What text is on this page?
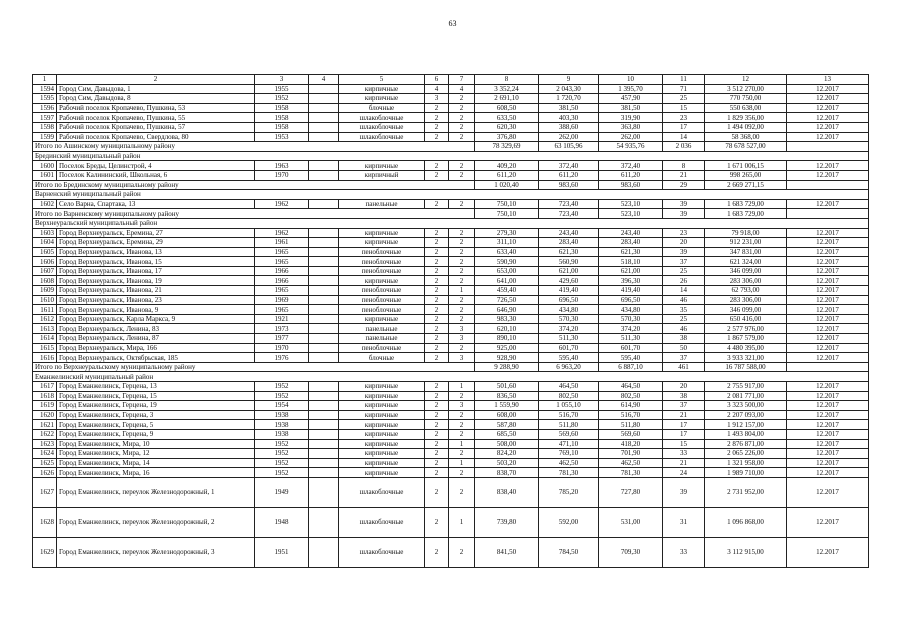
63
1	2	3	4	5	6	7	8	9	10	11	12	13
1594	Город Сим, Давыдова, 1	1955		кирпичные	4	4	3 352,24	2 043,30	1 395,70	71	3 512 270,00	12.2017
1595	Город Сим, Давыдова, 8	1952		кирпичные	3	2	2 691,10	1 720,70	457,90	25	770 750,00	12.2017
1596	Рабочий поселок Кропачево, Пушкина, 53	1958		блочные	2	2	608,50	381,50	381,50	15	550 638,00	12.2017
1597	Рабочий поселок Кропачево, Пушкина, 55	1958		шлакоблочные	2	2	633,50	403,30	319,90	23	1 829 356,00	12.2017
1598	Рабочий поселок Кропачево, Пушкина, 57	1958		шлакоблочные	2	2	620,30	388,60	363,80	17	1 494 092,00	12.2017
1599	Рабочий поселок Кропачево, Свердлова, 80	1953		шлакоблочные	2	2	376,80	262,00	262,00	14	58 368,00	12.2017
Итого по Ашинскому муниципальному району							78 329,69	63 105,96	54 935,76	2 036	78 678 527,00	
Брединский муниципальный район												
1600	Поселок Бреды, Целинстрой, 4	1963		кирпичные	2	2	409,20	372,40	372,40	8	1 671 006,15	12.2017
1601	Поселок Калининский, Школьная, 6	1970		кирпичный	2	2	611,20	611,20	611,20	21	998 265,00	12.2017
Итого по Брединскому муниципальному району							1 020,40	983,60	983,60	29	2 669 271,15	
Варненский муниципальный район												
1602	Село Варна, Спартака, 13	1962		панельные	2	2	750,10	723,40	523,10	39	1 683 729,00	12.2017
Итого по Варненскому муниципальному району							750,10	723,40	523,10	39	1 683 729,00	
Верхнеуральский муниципальный район												
1603	Город Верхнеуральск, Еремина, 27	1962		кирпичные	2	2	279,30	243,40	243,40	23	79 918,00	12.2017
1604	Город Верхнеуральск, Еремина, 29	1961		кирпичные	2	2	311,10	283,40	283,40	20	912 231,00	12.2017
1605	Город Верхнеуральск, Иванова, 13	1965		пеноблочные	2	2	633,40	621,30	621,30	39	347 831,00	12.2017
1606	Город Верхнеуральск, Иванова, 15	1965		пеноблочные	2	2	590,90	560,90	518,10	37	621 324,00	12.2017
1607	Город Верхнеуральск, Иванова, 17	1966		пеноблочные	2	2	653,00	621,00	621,00	25	346 099,00	12.2017
1608	Город Верхнеуральск, Иванова, 19	1966		кирпичные	2	2	641,00	429,60	396,30	26	283 306,00	12.2017
1609	Город Верхнеуральск, Иванова, 21	1965		пеноблочные	2	1	459,40	419,40	419,40	14	62 793,00	12.2017
1610	Город Верхнеуральск, Иванова, 23	1969		пеноблочные	2	2	726,50	696,50	696,50	46	283 306,00	12.2017
1611	Город Верхнеуральск, Иванова, 9	1965		пеноблочные	2	2	646,90	434,80	434,80	35	346 099,00	12.2017
1612	Город Верхнеуральск, Карла Маркса, 9	1921		кирпичные	2	2	983,30	570,30	570,30	25	650 416,00	12.2017
1613	Город Верхнеуральск, Ленина, 83	1973		панельные	2	3	620,10	374,20	374,20	46	2 577 976,00	12.2017
1614	Город Верхнеуральск, Ленина, 87	1977		панельные	2	3	890,10	511,30	511,30	38	1 867 579,00	12.2017
1615	Город Верхнеуральск, Мира, 166	1970		пеноблочные	2	2	925,00	601,70	601,70	50	4 480 395,00	12.2017
1616	Город Верхнеуральск, Октябрьская, 185	1976		блочные	2	3	928,90	595,40	595,40	37	3 933 321,00	12.2017
Итого по Верхнеуральскому муниципальному району							9 288,90	6 963,20	6 887,10	461	16 787 588,00	
Еманжелинский муниципальный район												
1617	Город Еманжелинск, Герцена, 13	1952		кирпичные	2	1	501,60	464,50	464,50	20	2 755 917,00	12.2017
1618	Город Еманжелинск, Герцена, 15	1952		кирпичные	2	2	836,50	802,50	802,50	38	2 081 771,00	12.2017
1619	Город Еманжелинск, Герцена, 19	1954		кирпичные	2	3	1 559,90	1 055,10	614,90	37	3 323 500,00	12.2017
1620	Город Еманжелинск, Герцена, 3	1938		кирпичные	2	2	608,00	516,70	516,70	21	2 207 093,00	12.2017
1621	Город Еманжелинск, Герцена, 5	1938		кирпичные	2	2	587,80	511,80	511,80	17	1 912 157,00	12.2017
1622	Город Еманжелинск, Герцена, 9	1938		кирпичные	2	2	685,50	569,60	569,60	17	1 493 804,00	12.2017
1623	Город Еманжелинск, Мира, 10	1952		кирпичные	2	1	508,00	471,10	418,20	15	2 876 871,00	12.2017
1624	Город Еманжелинск, Мира, 12	1952		кирпичные	2	2	824,20	769,10	701,90	33	2 065 226,00	12.2017
1625	Город Еманжелинск, Мира, 14	1952		кирпичные	2	1	503,20	462,50	462,50	21	1 321 958,00	12.2017
1626	Город Еманжелинск, Мира, 16	1952		кирпичные	2	2	838,70	781,30	781,30	24	1 989 710,00	12.2017
1627	Город Еманжелинск, переулок Железнодорожный, 1	1949		шлакоблочные	2	2	838,40	785,20	727,80	39	2 731 952,00	12.2017
1628	Город Еманжелинск, переулок Железнодорожный, 2	1948		шлакоблочные	2	1	739,80	592,00	531,00	31	1 096 868,00	12.2017
1629	Город Еманжелинск, переулок Железнодорожный, 3	1951		шлакоблочные	2	2	841,50	784,50	709,30	33	3 112 915,00	12.2017
